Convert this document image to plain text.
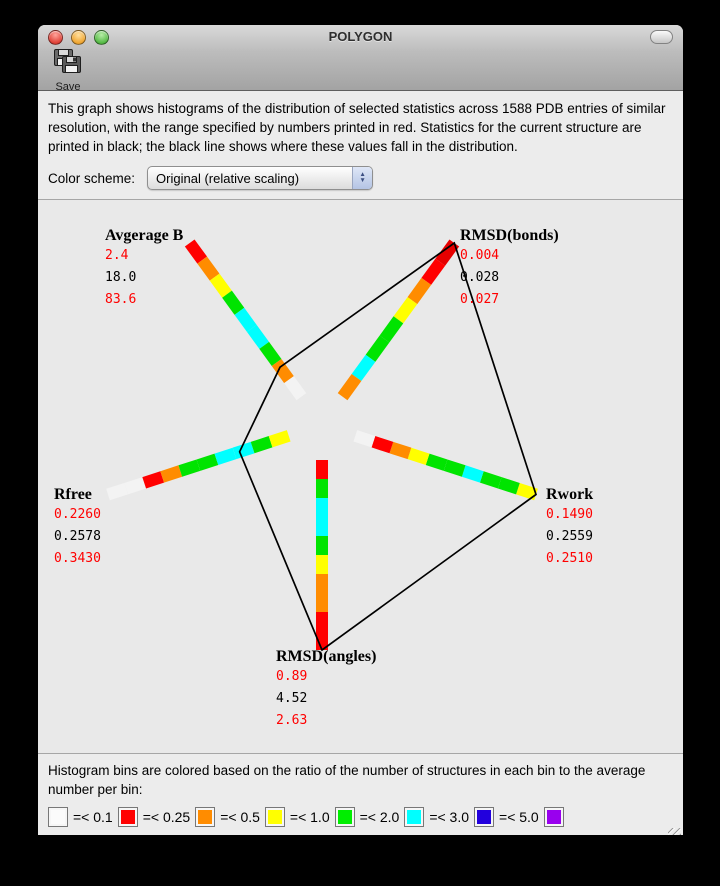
POLYGON
Save
This graph shows histograms of the distribution of selected statistics across 1588 PDB entries of similar resolution, with the range specified by numbers printed in red. Statistics for the current structure are printed in black; the black line shows where these values fall in the distribution.
Color scheme:	Original (relative scaling)	▲
▼
Avgerage B
2.4
18.0
83.6
RMSD(bonds)
0.004
0.028
0.027
Rwork
0.1490
0.2559
0.2510
RMSD(angles)
0.89
4.52
2.63
Rfree
0.2260
0.2578
0.3430
Histogram bins are colored based on the ratio of the number of structures in each bin to the average number per bin:
=< 0.1 =< 0.25 =< 0.5 =< 1.0 =< 2.0 =< 3.0 =< 5.0
